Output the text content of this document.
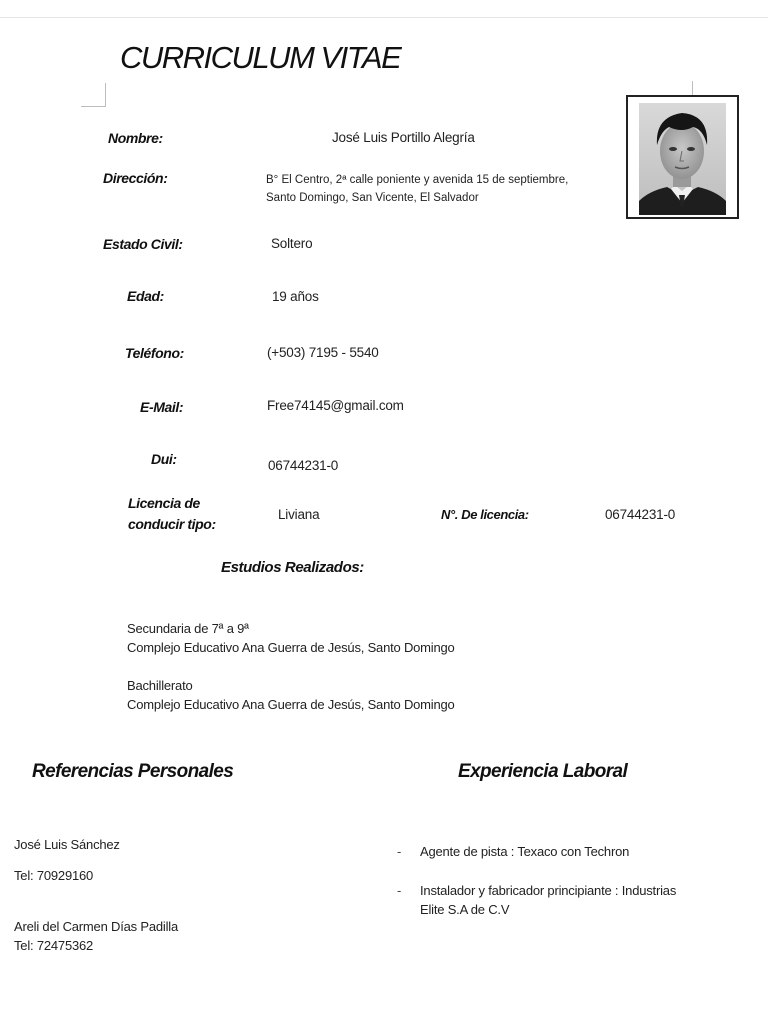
CURRICULUM VITAE
Nombre:	José Luis Portillo Alegría
Dirección:	B° El Centro, 2ª calle poniente y avenida 15 de septiembre,
Santo Domingo, San Vicente, El Salvador
Estado Civil:	Soltero
Edad:	19 años
Teléfono:	(+503) 7195 - 5540
E-Mail:	Free74145@gmail.com
Dui:	06744231-0
Licencia de
conducir tipo:
Liviana	N°. De licencia:	06744231-0
Estudios Realizados:
Secundaria de 7ª a 9ª
Complejo Educativo Ana Guerra de Jesús, Santo Domingo
Bachillerato
Complejo Educativo Ana Guerra de Jesús, Santo Domingo
Referencias Personales
José Luis Sánchez
Tel: 70929160
Areli del Carmen Días Padilla
Tel: 72475362
Experiencia Laboral
- Agente de pista : Texaco con Techron
- Instalador y fabricador principiante : Industrias
Elite S.A de C.V
